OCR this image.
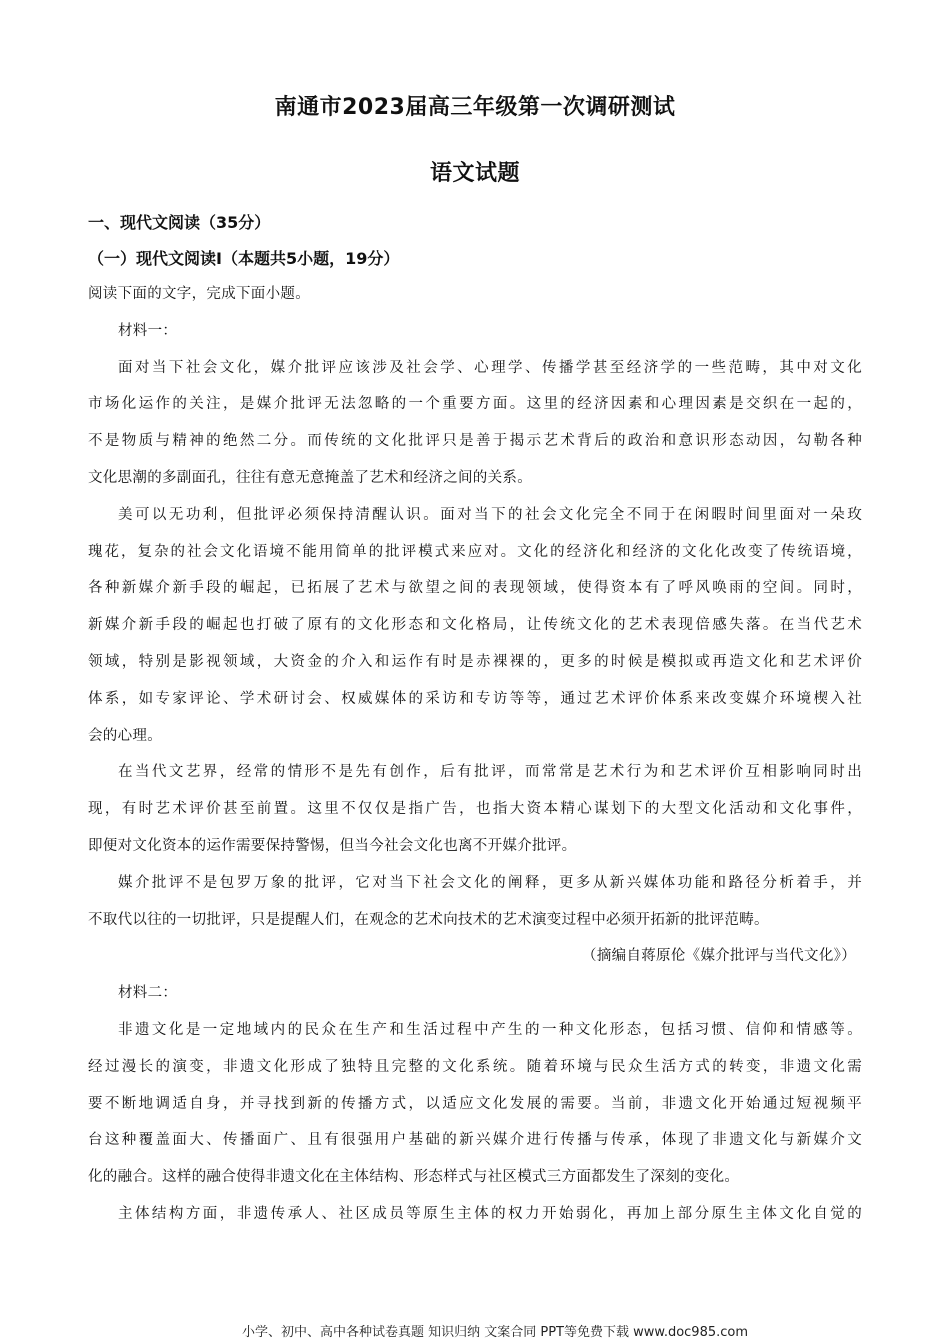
南通市2023届高三年级第一次调研测试
语文试题
一、现代文阅读（35分）
（一）现代文阅读Ⅰ（本题共5小题，19分）
阅读下面的文字，完成下面小题。
材料一：
面对当下社会文化，媒介批评应该涉及社会学、心理学、传播学甚至经济学的一些范畴，其中对文化
市场化运作的关注，是媒介批评无法忽略的一个重要方面。这里的经济因素和心理因素是交织在一起的，
不是物质与精神的绝然二分。而传统的文化批评只是善于揭示艺术背后的政治和意识形态动因，勾勒各种
文化思潮的多副面孔，往往有意无意掩盖了艺术和经济之间的关系。
美可以无功利，但批评必须保持清醒认识。面对当下的社会文化完全不同于在闲暇时间里面对一朵玫
瑰花，复杂的社会文化语境不能用简单的批评模式来应对。文化的经济化和经济的文化化改变了传统语境，
各种新媒介新手段的崛起，已拓展了艺术与欲望之间的表现领域，使得资本有了呼风唤雨的空间。同时，
新媒介新手段的崛起也打破了原有的文化形态和文化格局，让传统文化的艺术表现倍感失落。在当代艺术
领域，特别是影视领域，大资金的介入和运作有时是赤裸裸的，更多的时候是模拟或再造文化和艺术评价
体系，如专家评论、学术研讨会、权威媒体的采访和专访等等，通过艺术评价体系来改变媒介环境楔入社
会的心理。
在当代文艺界，经常的情形不是先有创作，后有批评，而常常是艺术行为和艺术评价互相影响同时出
现，有时艺术评价甚至前置。这里不仅仅是指广告，也指大资本精心谋划下的大型文化活动和文化事件，
即便对文化资本的运作需要保持警惕，但当今社会文化也离不开媒介批评。
媒介批评不是包罗万象的批评，它对当下社会文化的阐释，更多从新兴媒体功能和路径分析着手，并
不取代以往的一切批评，只是提醒人们，在观念的艺术向技术的艺术演变过程中必须开拓新的批评范畴。
（摘编自蒋原伦《媒介批评与当代文化》）
材料二：
非遗文化是一定地域内的民众在生产和生活过程中产生的一种文化形态，包括习惯、信仰和情感等。
经过漫长的演变，非遗文化形成了独特且完整的文化系统。随着环境与民众生活方式的转变，非遗文化需
要不断地调适自身，并寻找到新的传播方式，以适应文化发展的需要。当前，非遗文化开始通过短视频平
台这种覆盖面大、传播面广、且有很强用户基础的新兴媒介进行传播与传承，体现了非遗文化与新媒介文
化的融合。这样的融合使得非遗文化在主体结构、形态样式与社区模式三方面都发生了深刻的变化。
主体结构方面，非遗传承人、社区成员等原生主体的权力开始弱化，再加上部分原生主体文化自觉的
小学、初中、高中各种试卷真题 知识归纳 文案合同 PPT等免费下载 www.doc985.com
